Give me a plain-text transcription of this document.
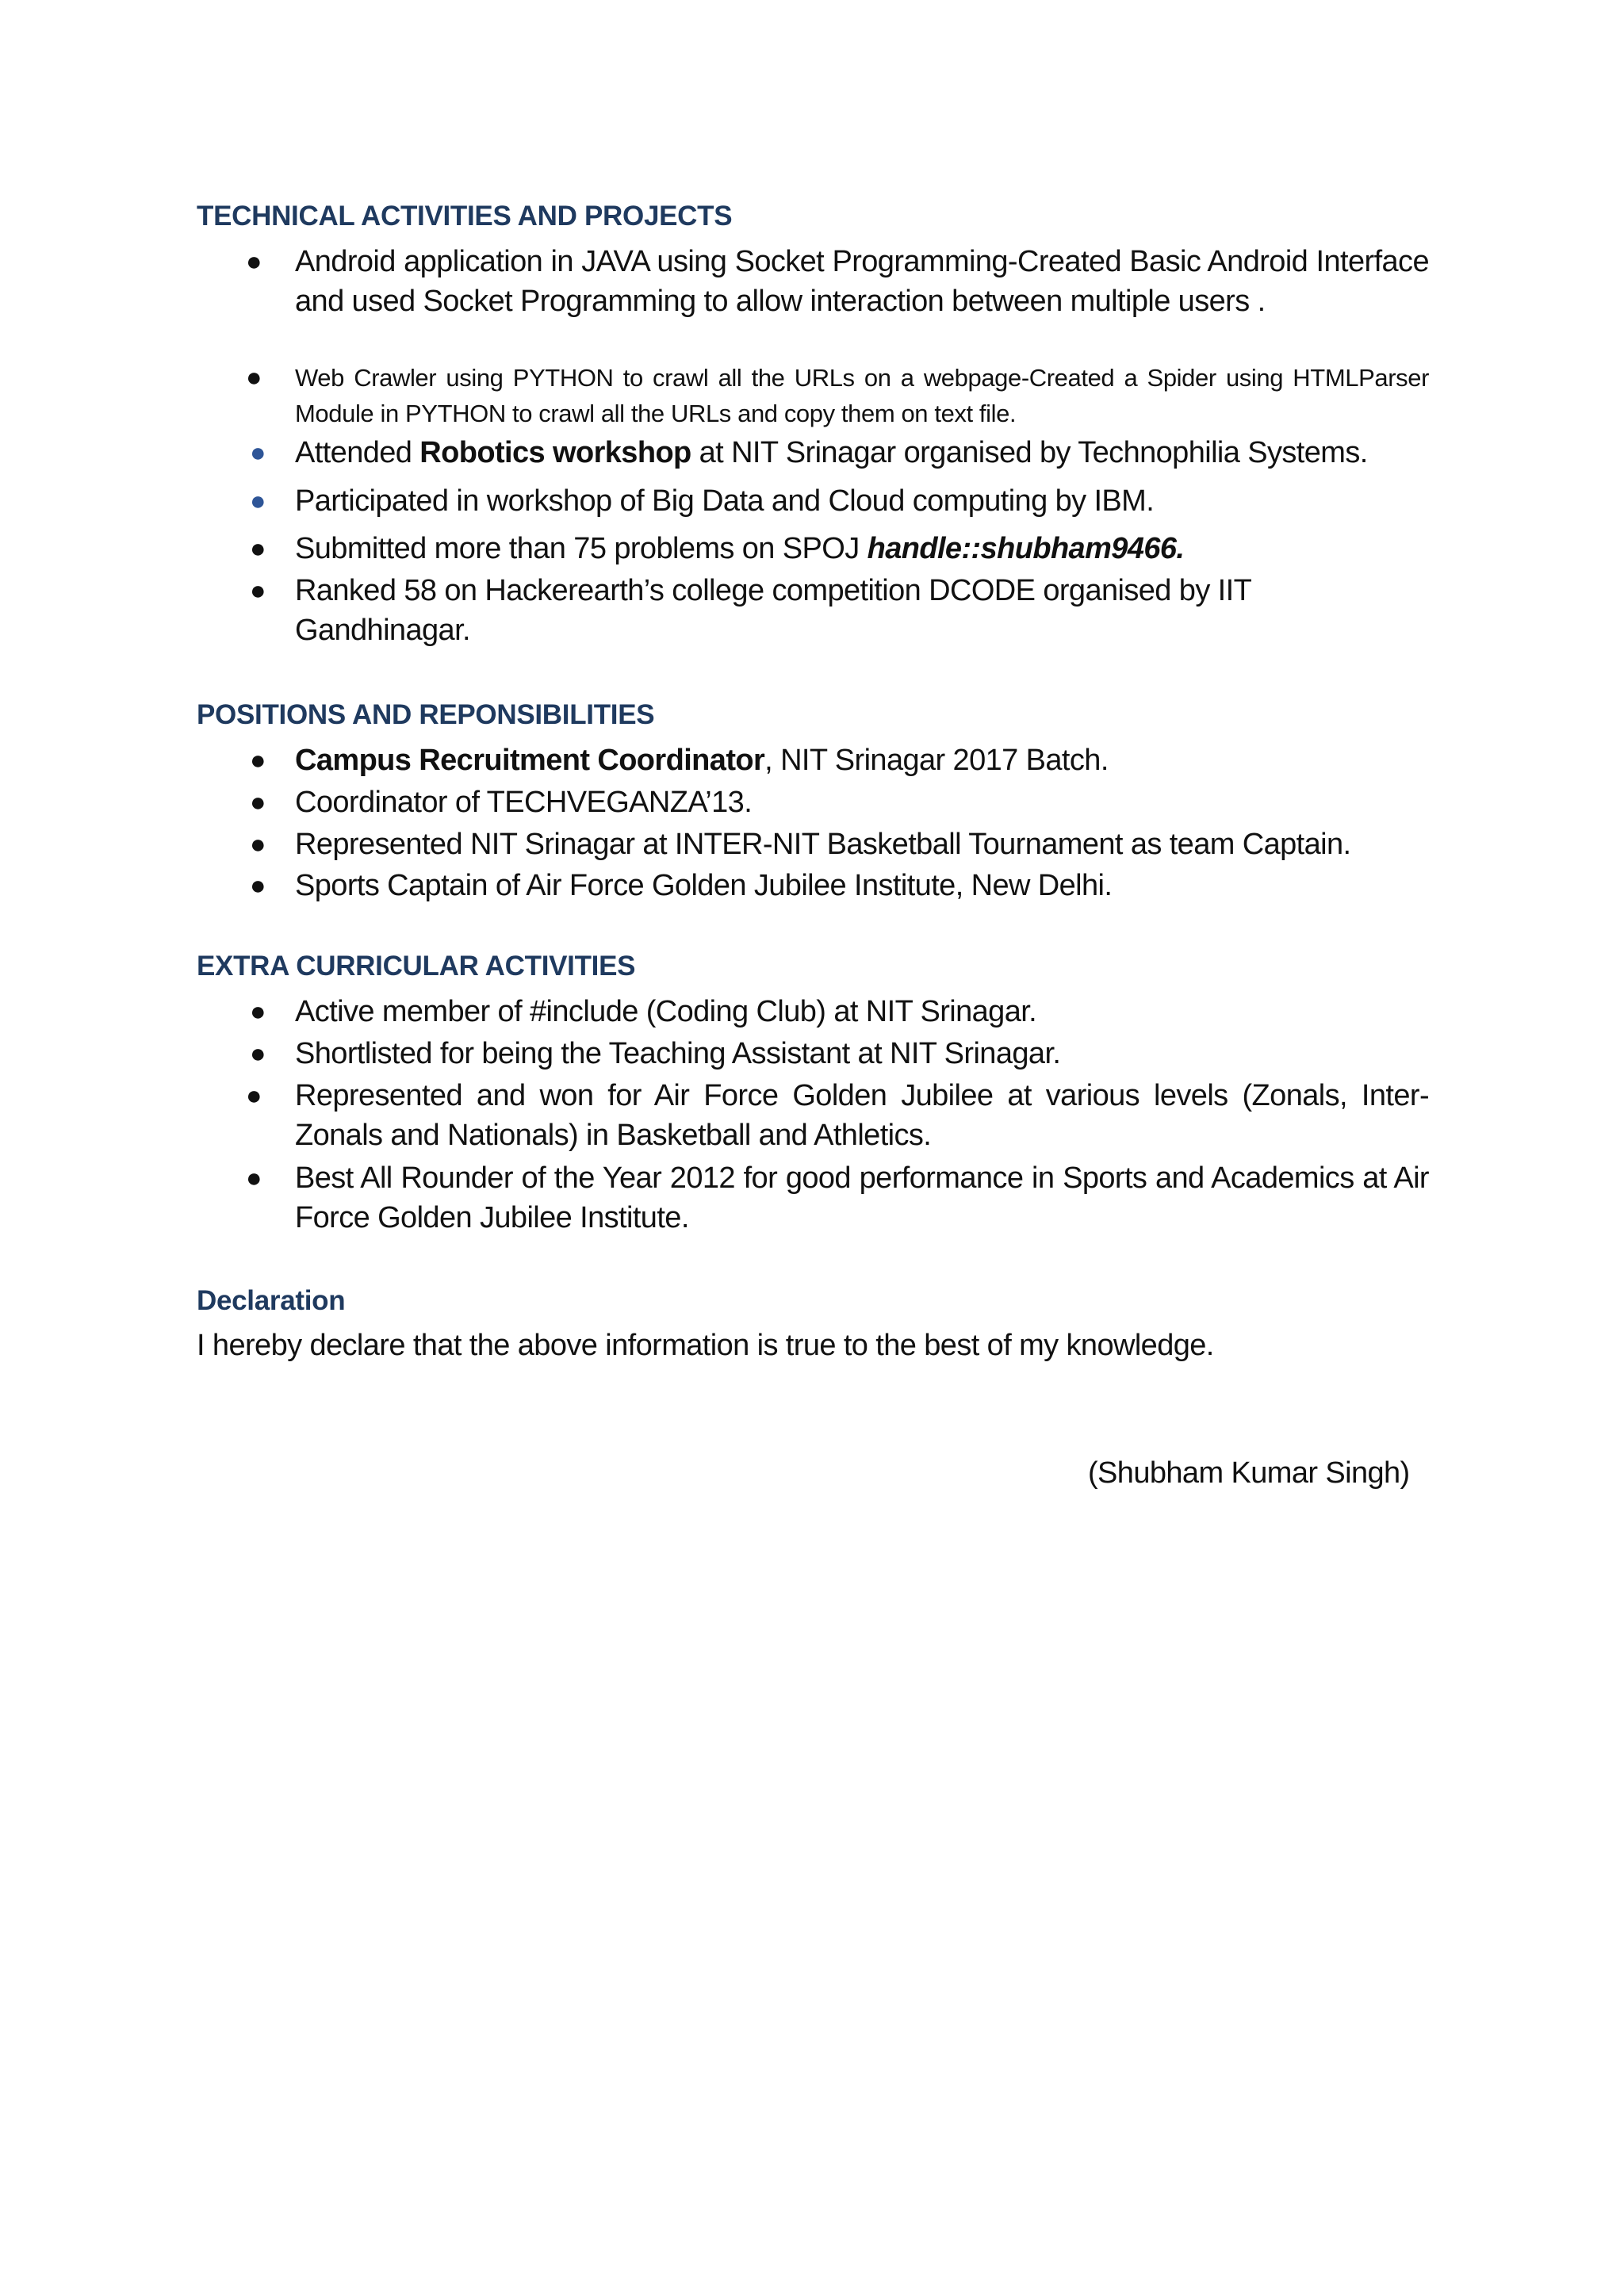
TECHNICAL ACTIVITIES AND PROJECTS
● Android application in JAVA using Socket Programming-Created Basic Android Interface and used Socket Programming to allow interaction between multiple users .
●	Web Crawler using PYTHON to crawl all the URLs on a webpage-Created a Spider using HTMLParser Module in PYTHON to crawl all the URLs and copy them on text file.
● Attended Robotics workshop at NIT Srinagar organised by Technophilia Systems.
● Participated in workshop of Big Data and Cloud computing by IBM.
● Submitted more than 75 problems on SPOJ handle::shubham9466.
● Ranked 58 on Hackerearth’s college competition DCODE organised by IIT Gandhinagar.
POSITIONS AND REPONSIBILITIES
● Campus Recruitment Coordinator, NIT Srinagar 2017 Batch.
● Coordinator of TECHVEGANZA’13.
● Represented NIT Srinagar at INTER-NIT Basketball Tournament as team Captain.
● Sports Captain of Air Force Golden Jubilee Institute, New Delhi.
EXTRA CURRICULAR ACTIVITIES
● Active member of #include (Coding Club) at NIT Srinagar.
● Shortlisted for being the Teaching Assistant at NIT Srinagar.
● Represented and won for Air Force Golden Jubilee at various levels (Zonals, Inter-Zonals and Nationals) in Basketball and Athletics.
● Best All Rounder of the Year 2012 for good performance in Sports and Academics at Air Force Golden Jubilee Institute.
Declaration
I hereby declare that the above information is true to the best of my knowledge.
(Shubham Kumar Singh)
